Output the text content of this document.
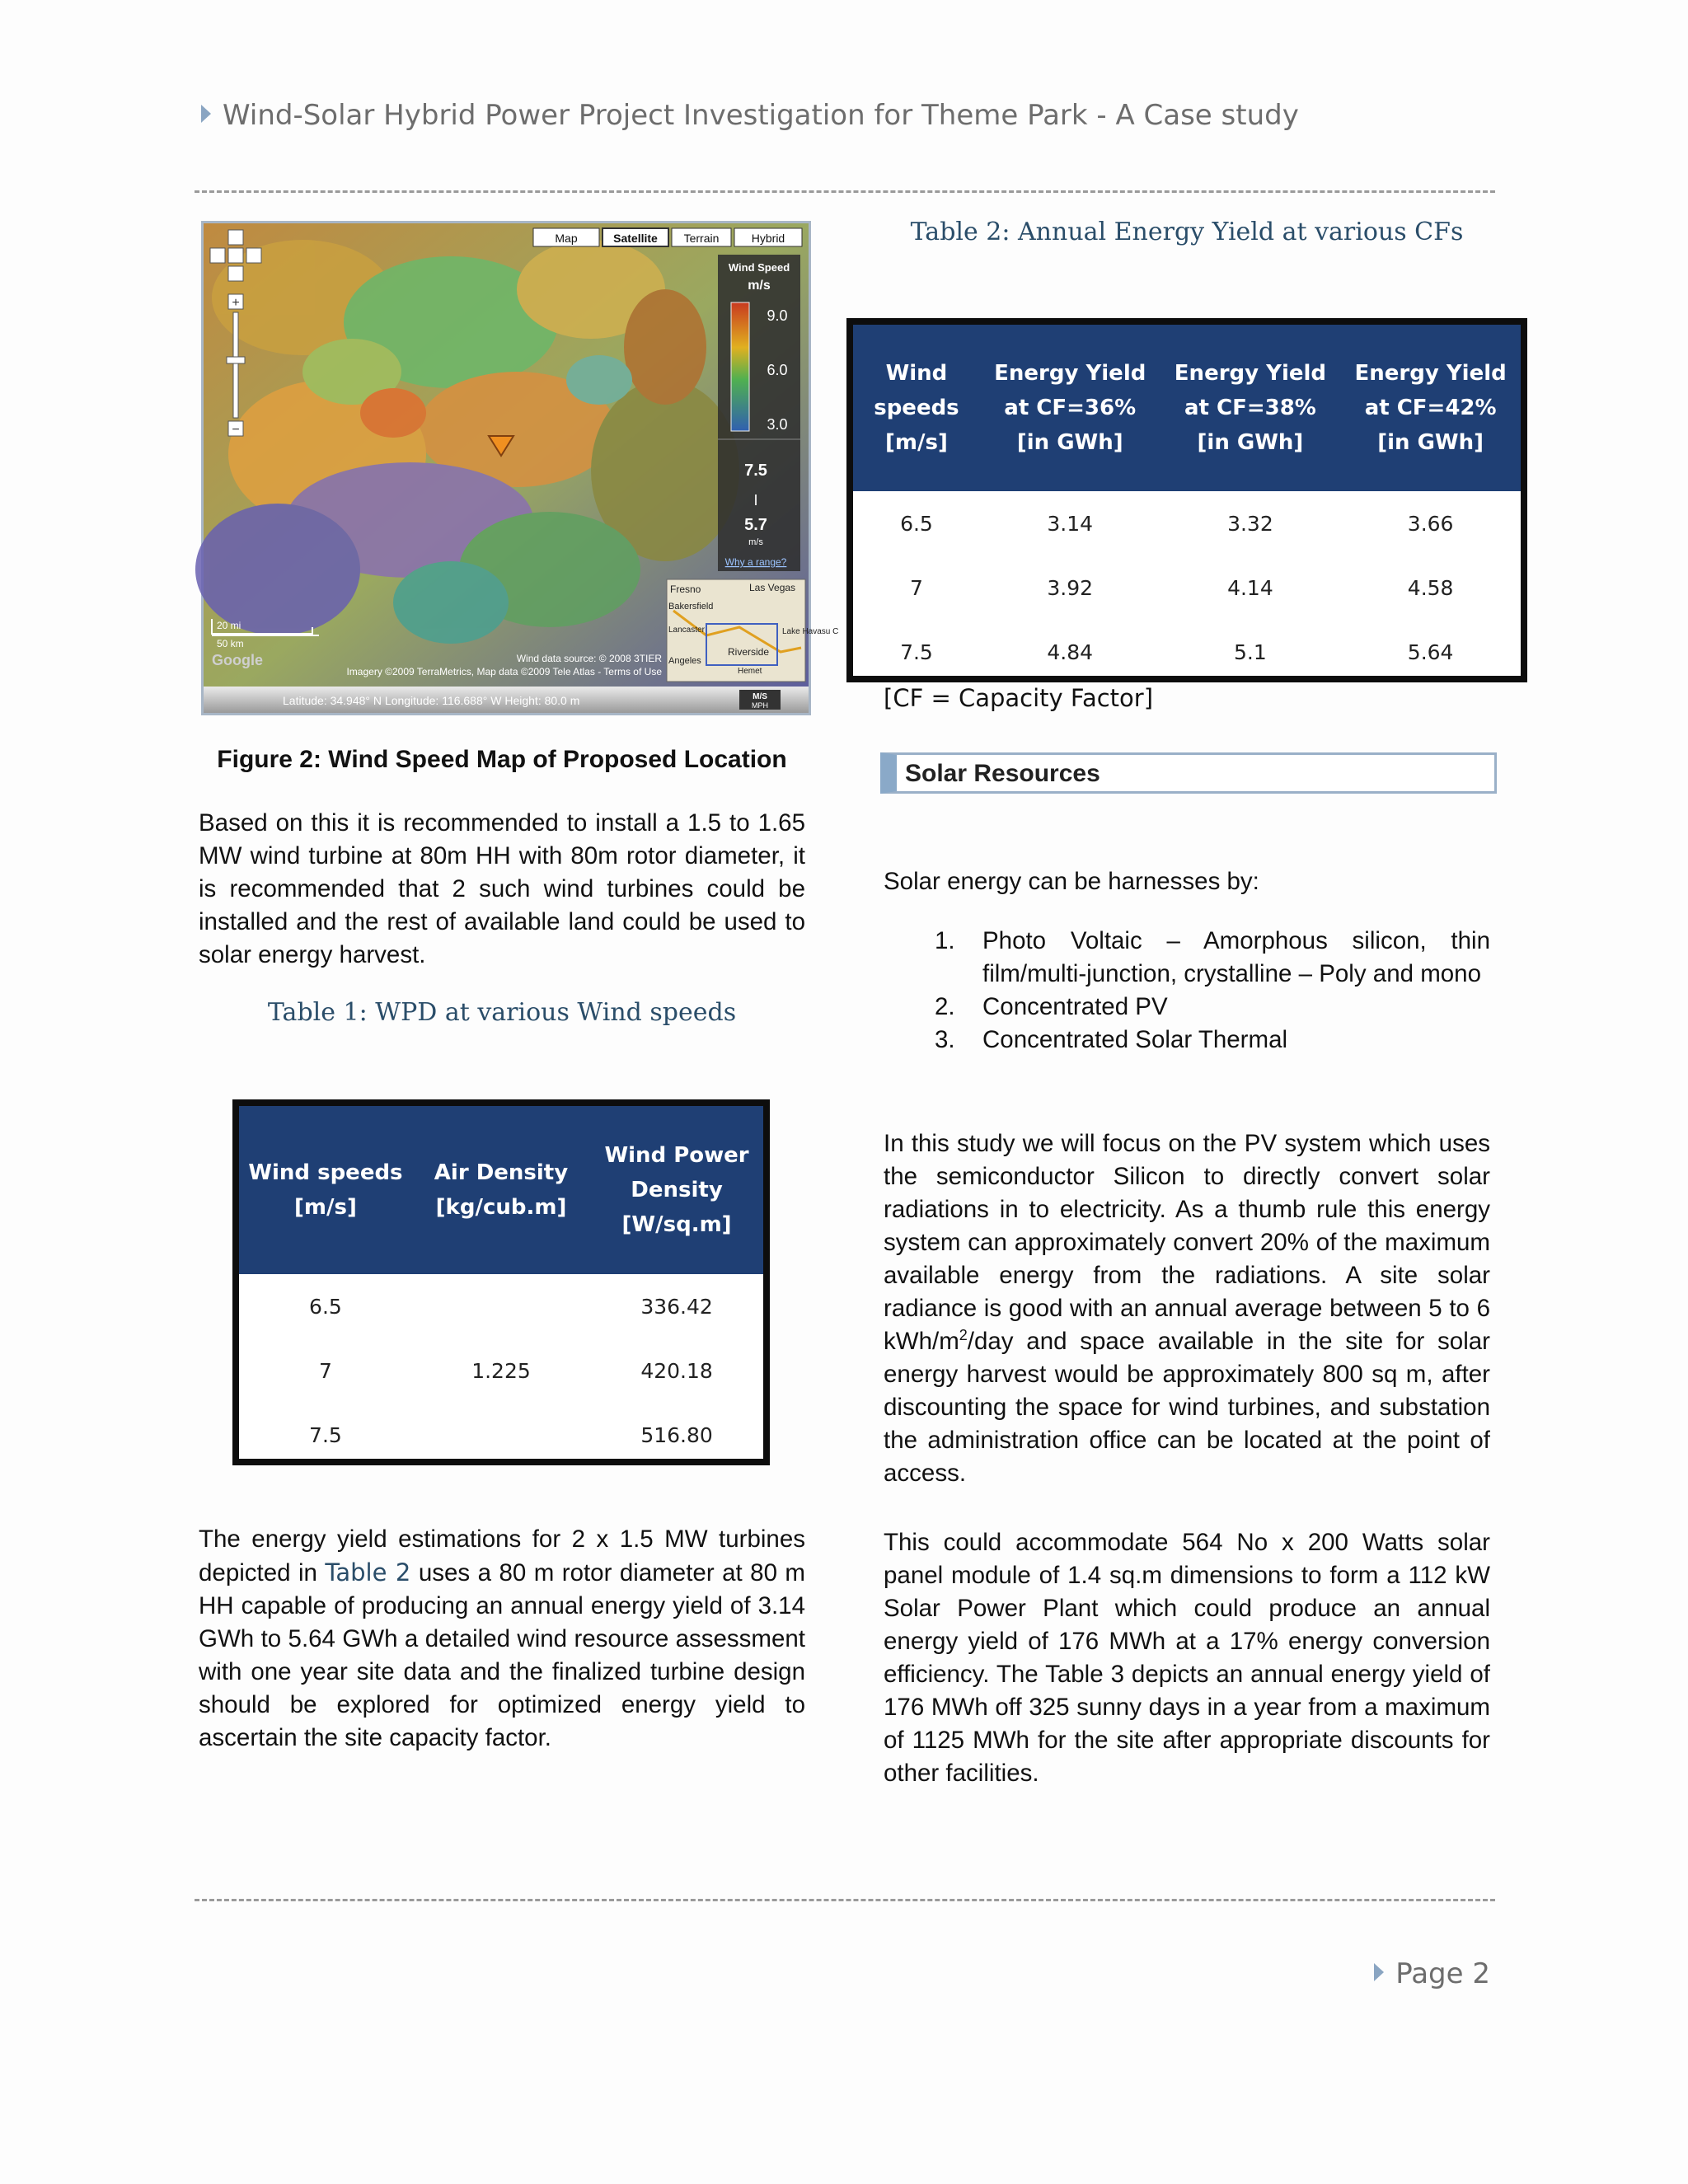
Wind-Solar Hybrid Power Project Investigation for Theme Park - A Case study
+
−
Map	Satellite Terrain	Hybrid
Wind Speed
m/s
9.0
6.0
3.0
7.5
I
5.7
m/s
Why a range?
Fresno	Las Vegas
Bakersfield
Lancaster	Lake Havasu C
Riverside
Angeles
Hemet
20 mi
50 km
Google	Wind data source: © 2008 3TIER
Imagery ©2009 TerraMetrics, Map data ©2009 Tele Atlas - Terms of Use
Latitude: 34.948° N Longitude: 116.688° W Height: 80.0 m	M/S
MPH
Figure 2: Wind Speed Map of Proposed Location
Based on this it is recommended to install a 1.5 to 1.65 MW wind turbine at 80m HH with 80m rotor diameter, it is recommended that 2 such wind turbines could be installed and the rest of available land could be used to solar energy harvest.
Table 1: WPD at various Wind speeds
Wind speeds [m/s]	Air Density [kg/cub.m]	Wind Power Density [W/sq.m]
6.5		336.42
7	1.225	420.18
7.5		516.80
The energy yield estimations for 2 x 1.5 MW turbines depicted in Table 2 uses a 80 m rotor diameter at 80 m HH capable of producing an annual energy yield of 3.14 GWh to 5.64 GWh a detailed wind resource assessment with one year site data and the finalized turbine design should be explored for optimized energy yield to ascertain the site capacity factor.
Table 2: Annual Energy Yield at various CFs
Wind speeds [m/s]	Energy Yield at CF=36% [in GWh]	Energy Yield at CF=38% [in GWh]	Energy Yield at CF=42% [in GWh]
6.5	3.14	3.32	3.66
7	3.92	4.14	4.58
7.5	4.84	5.1	5.64
[CF = Capacity Factor]
Solar Resources
Solar energy can be harnesses by:
1. Photo Voltaic – Amorphous silicon, thin film/multi-junction, crystalline – Poly and mono
2. Concentrated PV
3. Concentrated Solar Thermal
In this study we will focus on the PV system which uses the semiconductor Silicon to directly convert solar radiations in to electricity. As a thumb rule this energy system can approximately convert 20% of the maximum available energy from the radiations. A site solar radiance is good with an annual average between 5 to 6 kWh/$m^2$/day and space available in the site for solar energy harvest would be approximately 800 sq m, after discounting the space for wind turbines, and substation the administration office can be located at the point of access.
This could accommodate 564 No x 200 Watts solar panel module of 1.4 sq.m dimensions to form a 112 kW Solar Power Plant which could produce an annual energy yield of 176 MWh at a 17% energy conversion efficiency. The Table 3 depicts an annual energy yield of 176 MWh off 325 sunny days in a year from a maximum of 1125 MWh for the site after appropriate discounts for other facilities.
Page 2
